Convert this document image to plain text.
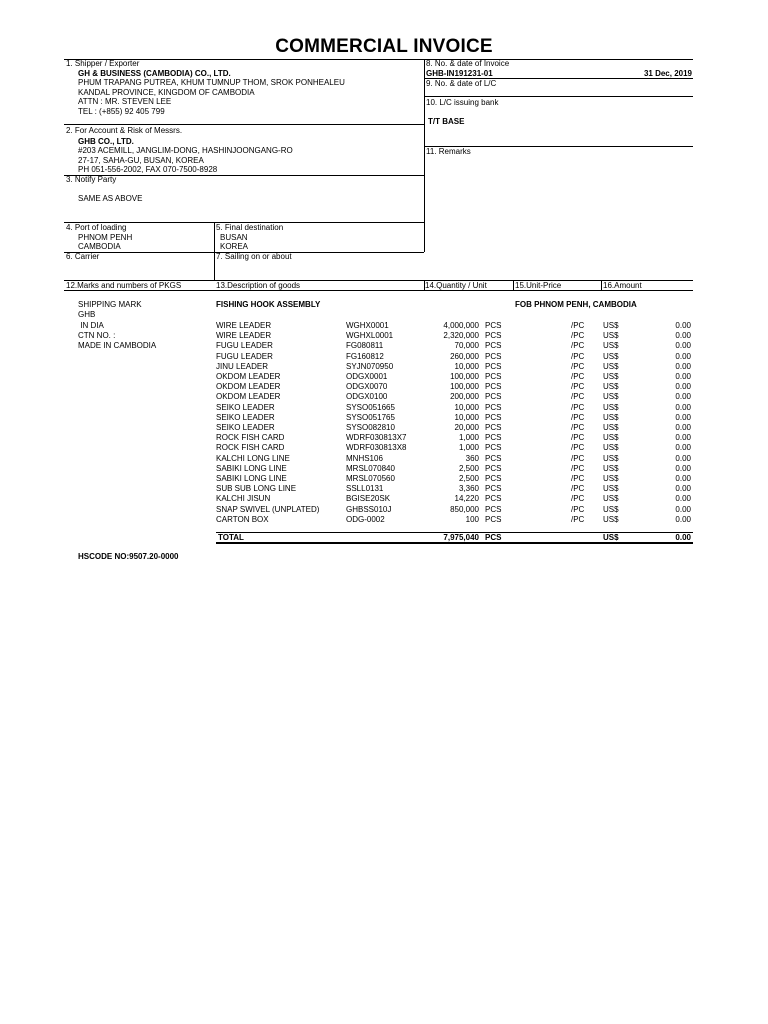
COMMERCIAL INVOICE
1. Shipper / Exporter
GH & BUSINESS (CAMBODIA) CO., LTD.
PHUM TRAPANG PUTREA, KHUM TUMNUP THOM, SROK PONHEALEU
KANDAL PROVINCE, KINGDOM OF CAMBODIA
ATTN : MR. STEVEN LEE
TEL : (+855) 92 405 799
8. No. & date of Invoice
GHB-IN191231-01	31 Dec, 2019
9. No. & date of L/C
10. L/C issuing bank
T/T BASE
2. For Account & Risk of Messrs.
GHB CO., LTD.
#203 ACEMILL, JANGLIM-DONG, HASHINJOONGANG-RO
27-17, SAHA-GU, BUSAN, KOREA
PH 051-556-2002, FAX 070-7500-8928
11. Remarks
3. Notify Party
SAME AS ABOVE
4. Port of loading
PHNOM PENH
CAMBODIA
5. Final destination
BUSAN
KOREA
6. Carrier	7. Sailing on or about
12.Marks and numbers of PKGS	13.Description of goods	14.Quantity / Unit	15.Unit-Price	16.Amount
SHIPPING MARK
GHB
IN DIA
CTN NO. :
MADE IN CAMBODIA
FISHING HOOK ASSEMBLY	FOB PHNOM PENH, CAMBODIA
WIRE LEADER	WGHX0001	4,000,000 PCS	/PC US$	0.00
WIRE LEADER	WGHXL0001	2,320,000 PCS	/PC US$	0.00
FUGU LEADER	FG080811	70,000 PCS	/PC US$	0.00
FUGU LEADER	FG160812	260,000 PCS	/PC US$	0.00
JINU LEADER	SYJN070950	10,000 PCS	/PC US$	0.00
OKDOM LEADER	ODGX0001	100,000 PCS	/PC US$	0.00
OKDOM LEADER	ODGX0070	100,000 PCS	/PC US$	0.00
OKDOM LEADER	ODGX0100	200,000 PCS	/PC US$	0.00
SEIKO LEADER	SYSO051665	10,000 PCS	/PC US$	0.00
SEIKO LEADER	SYSO051765	10,000 PCS	/PC US$	0.00
SEIKO LEADER	SYSO082810	20,000 PCS	/PC US$	0.00
ROCK FISH CARD	WDRF030813X7	1,000 PCS	/PC US$	0.00
ROCK FISH CARD	WDRF030813X8	1,000 PCS	/PC US$	0.00
KALCHI LONG LINE	MNHS106	360 PCS	/PC US$	0.00
SABIKI LONG LINE	MRSL070840	2,500 PCS	/PC US$	0.00
SABIKI LONG LINE	MRSL070560	2,500 PCS	/PC US$	0.00
SUB SUB LONG LINE	SSLL0131	3,360 PCS	/PC US$	0.00
KALCHI JISUN	BGISE20SK	14,220 PCS	/PC US$	0.00
SNAP SWIVEL (UNPLATED)	GHBSS010J	850,000 PCS	/PC US$	0.00
CARTON BOX	ODG-0002	100 PCS	/PC US$	0.00
TOTAL	7,975,040 PCS	US$	0.00
HSCODE NO:9507.20-0000
